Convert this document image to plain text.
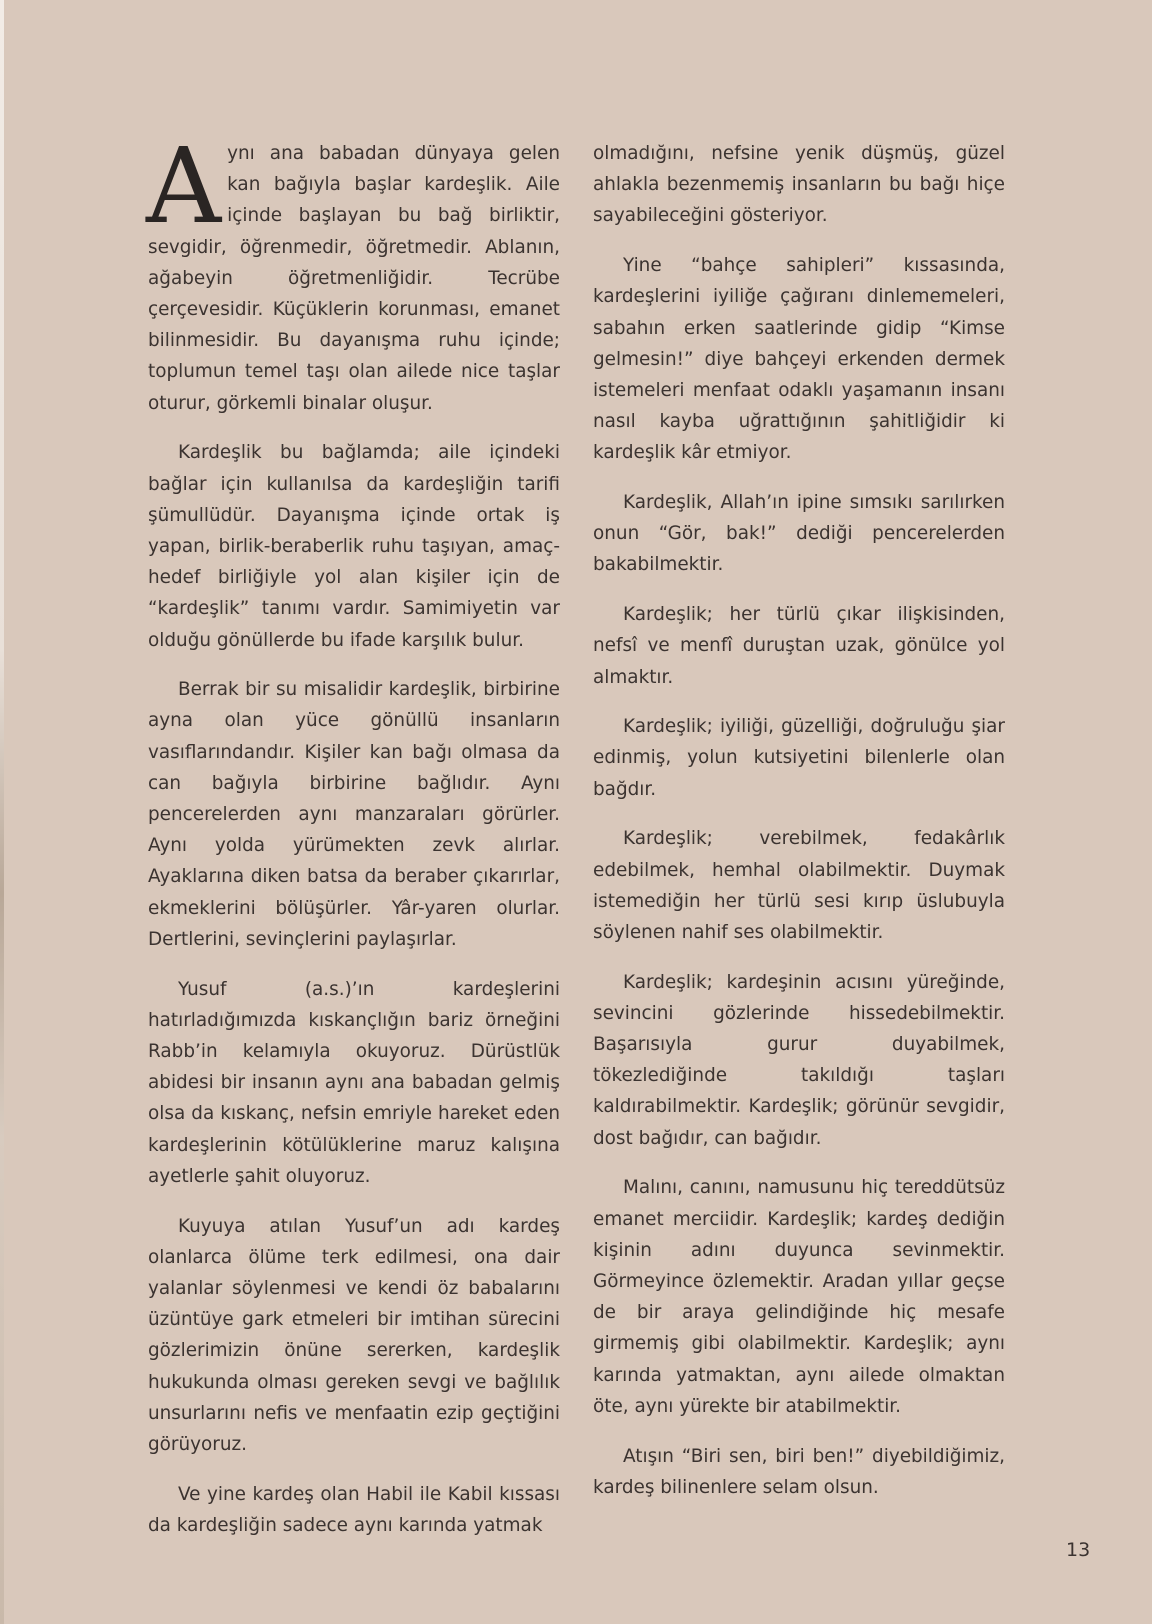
Aynı ana babadan dünyaya gelen kan bağıyla başlar kardeşlik. Aile içinde başlayan bu bağ birliktir, sevgidir, öğrenmedir, öğretmedir. Ablanın, ağabeyin öğretmenliğidir. Tecrübe çerçevesidir. Küçüklerin korunması, emanet bilinmesidir. Bu dayanışma ruhu içinde; toplumun temel taşı olan ailede nice taşlar oturur, görkemli binalar oluşur.

Kardeşlik bu bağlamda; aile içindeki bağlar için kullanılsa da kardeşliğin tarifi şümullüdür. Dayanışma içinde ortak iş yapan, birlik-beraberlik ruhu taşıyan, amaç-hedef birliğiyle yol alan kişiler için de “kardeşlik” tanımı vardır. Samimiyetin var olduğu gönüllerde bu ifade karşılık bulur.

Berrak bir su misalidir kardeşlik, birbirine ayna olan yüce gönüllü insanların vasıflarındandır. Kişiler kan bağı olmasa da can bağıyla birbirine bağlıdır. Aynı pencerelerden aynı manzaraları görürler. Aynı yolda yürümekten zevk alırlar. Ayaklarına diken batsa da beraber çıkarırlar, ekmeklerini bölüşürler. Yâr-yaren olurlar. Dertlerini, sevinçlerini paylaşırlar.

Yusuf (a.s.)’ın kardeşlerini hatırladığımızda kıskançlığın bariz örneğini Rabb’in kelamıyla okuyoruz. Dürüstlük abidesi bir insanın aynı ana babadan gelmiş olsa da kıskanç, nefsin emriyle hareket eden kardeşlerinin kötülüklerine maruz kalışına ayetlerle şahit oluyoruz.

Kuyuya atılan Yusuf’un adı kardeş olanlarca ölüme terk edilmesi, ona dair yalanlar söylenmesi ve kendi öz babalarını üzüntüye gark etmeleri bir imtihan sürecini gözlerimizin önüne sererken, kardeşlik hukukunda olması gereken sevgi ve bağlılık unsurlarını nefis ve menfaatin ezip geçtiğini görüyoruz.

Ve yine kardeş olan Habil ile Kabil kıssası da kardeşliğin sadece aynı karında yatmak

olmadığını, nefsine yenik düşmüş, güzel ahlakla bezenmemiş insanların bu bağı hiçe sayabileceğini gösteriyor.

Yine “bahçe sahipleri” kıssasında, kardeşlerini iyiliğe çağıranı dinlememeleri, sabahın erken saatlerinde gidip “Kimse gelmesin!” diye bahçeyi erkenden dermek istemeleri menfaat odaklı yaşamanın insanı nasıl kayba uğrattığının şahitliğidir ki kardeşlik kâr etmiyor.

Kardeşlik, Allah’ın ipine sımsıkı sarılırken onun “Gör, bak!” dediği pencerelerden bakabilmektir.

Kardeşlik; her türlü çıkar ilişkisinden, nefsî ve menfî duruştan uzak, gönülce yol almaktır.

Kardeşlik; iyiliği, güzelliği, doğruluğu şiar edinmiş, yolun kutsiyetini bilenlerle olan bağdır.

Kardeşlik; verebilmek, fedakârlık edebilmek, hemhal olabilmektir. Duymak istemediğin her türlü sesi kırıp üslubuyla söylenen nahif ses olabilmektir.

Kardeşlik; kardeşinin acısını yüreğinde, sevincini gözlerinde hissedebilmektir. Başarısıyla gurur duyabilmek, tökezlediğinde takıldığı taşları kaldırabilmektir. Kardeşlik; görünür sevgidir, dost bağıdır, can bağıdır.

Malını, canını, namusunu hiç tereddütsüz emanet merciidir. Kardeşlik; kardeş dediğin kişinin adını duyunca sevinmektir. Görmeyince özlemektir. Aradan yıllar geçse de bir araya gelindiğinde hiç mesafe girmemiş gibi olabilmektir. Kardeşlik; aynı karında yatmaktan, aynı ailede olmaktan öte, aynı yürekte bir atabilmektir.

Atışın “Biri sen, biri ben!” diyebildiğimiz, kardeş bilinenlere selam olsun.

13
